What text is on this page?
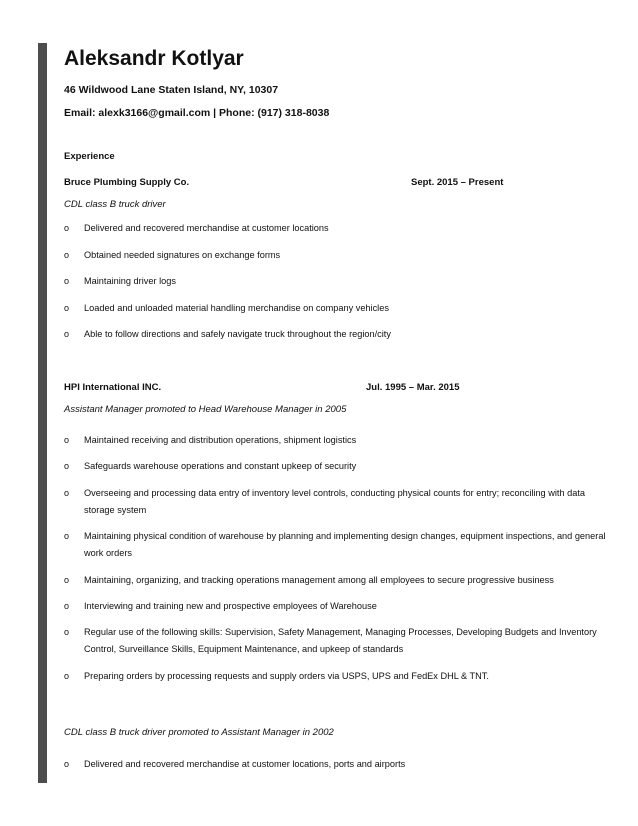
Aleksandr Kotlyar
46 Wildwood Lane Staten Island, NY, 10307
Email: alexk3166@gmail.com | Phone: (917) 318-8038
Experience
Bruce Plumbing Supply Co.	Sept. 2015 – Present
CDL class B truck driver
o Delivered and recovered merchandise at customer locations
o Obtained needed signatures on exchange forms
o Maintaining driver logs
o Loaded and unloaded material handling merchandise on company vehicles
o Able to follow directions and safely navigate truck throughout the region/city
HPI International INC.	Jul. 1995 – Mar. 2015
Assistant Manager promoted to Head Warehouse Manager in 2005
o Maintained receiving and distribution operations, shipment logistics
o Safeguards warehouse operations and constant upkeep of security
o Overseeing and processing data entry of inventory level controls, conducting physical counts for entry; reconciling with data storage system
o Maintaining physical condition of warehouse by planning and implementing design changes, equipment inspections, and general work orders
o Maintaining, organizing, and tracking operations management among all employees to secure progressive business
o Interviewing and training new and prospective employees of Warehouse
o Regular use of the following skills: Supervision, Safety Management, Managing Processes, Developing Budgets and Inventory Control, Surveillance Skills, Equipment Maintenance, and upkeep of standards
o Preparing orders by processing requests and supply orders via USPS, UPS and FedEx DHL & TNT.
CDL class B truck driver promoted to Assistant Manager in 2002
o Delivered and recovered merchandise at customer locations, ports and airports
